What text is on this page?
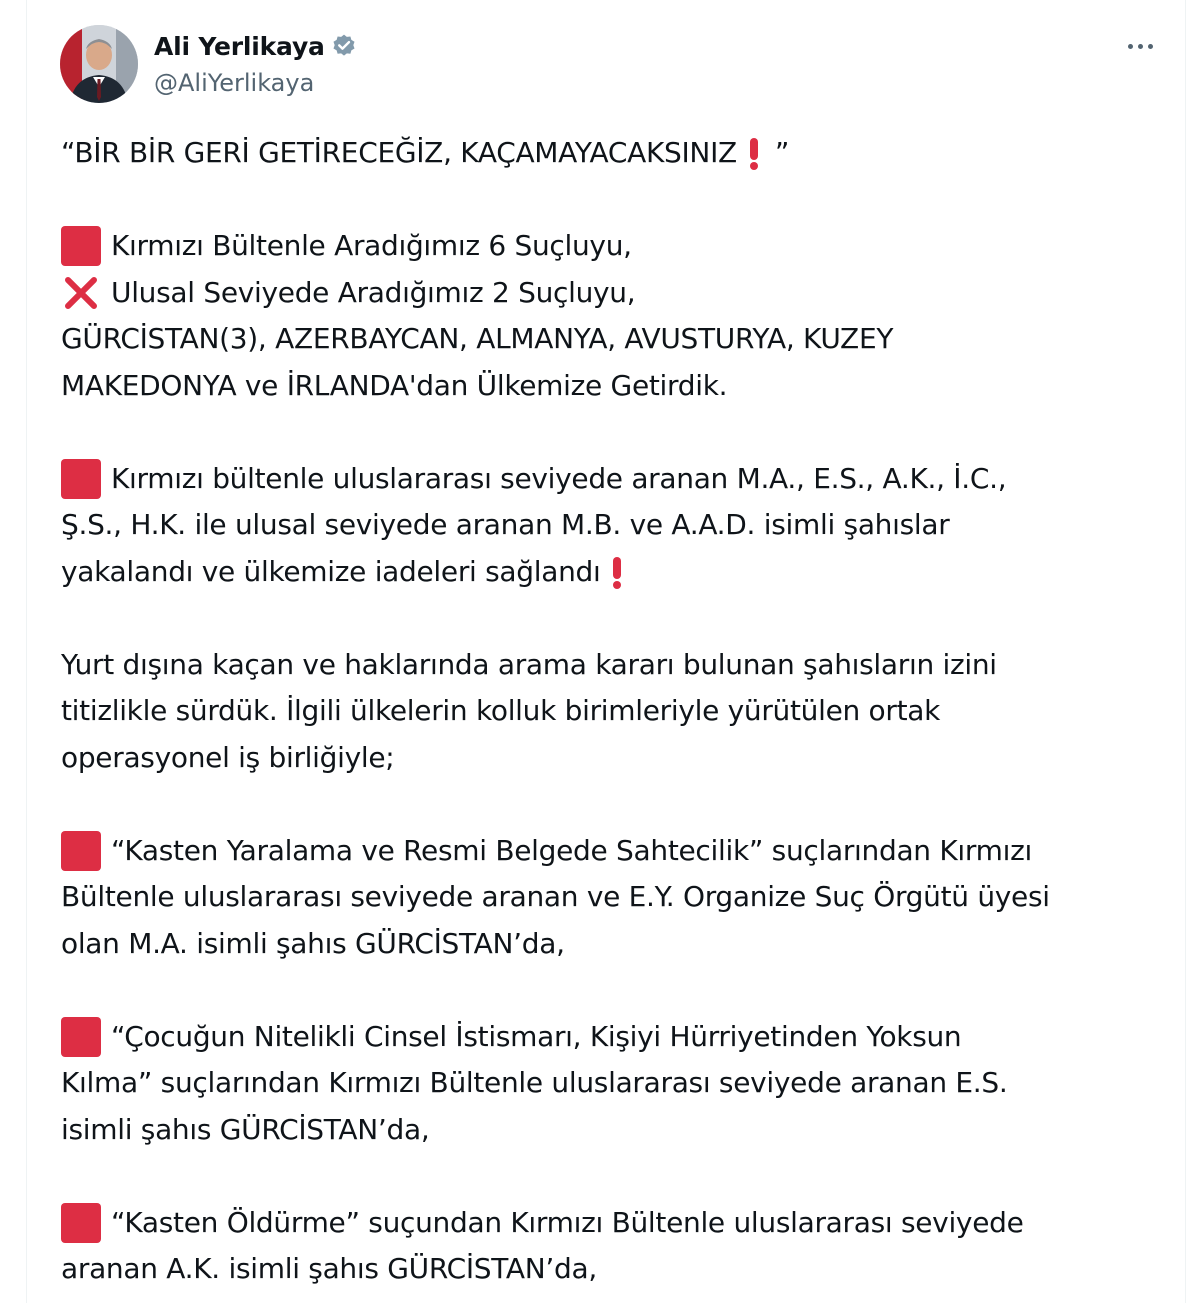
Ali Yerlikaya
@AliYerlikaya
“BİR BİR GERİ GETİRECEĞİZ, KAÇAMAYACAKSINIZ ”
Kırmızı Bültenle Aradığımız 6 Suçluyu,
Ulusal Seviyede Aradığımız 2 Suçluyu,
GÜRCİSTAN(3), AZERBAYCAN, ALMANYA, AVUSTURYA, KUZEY
MAKEDONYA ve İRLANDA'dan Ülkemize Getirdik.
Kırmızı bültenle uluslararası seviyede aranan M.A., E.S., A.K., İ.C.,
Ş.S., H.K. ile ulusal seviyede aranan M.B. ve A.A.D. isimli şahıslar
yakalandı ve ülkemize iadeleri sağlandı
Yurt dışına kaçan ve haklarında arama kararı bulunan şahısların izini
titizlikle sürdük. İlgili ülkelerin kolluk birimleriyle yürütülen ortak
operasyonel iş birliğiyle;
“Kasten Yaralama ve Resmi Belgede Sahtecilik” suçlarından Kırmızı
Bültenle uluslararası seviyede aranan ve E.Y. Organize Suç Örgütü üyesi
olan M.A. isimli şahıs GÜRCİSTAN’da,
“Çocuğun Nitelikli Cinsel İstismarı, Kişiyi Hürriyetinden Yoksun
Kılma” suçlarından Kırmızı Bültenle uluslararası seviyede aranan E.S.
isimli şahıs GÜRCİSTAN’da,
“Kasten Öldürme” suçundan Kırmızı Bültenle uluslararası seviyede
aranan A.K. isimli şahıs GÜRCİSTAN’da,
